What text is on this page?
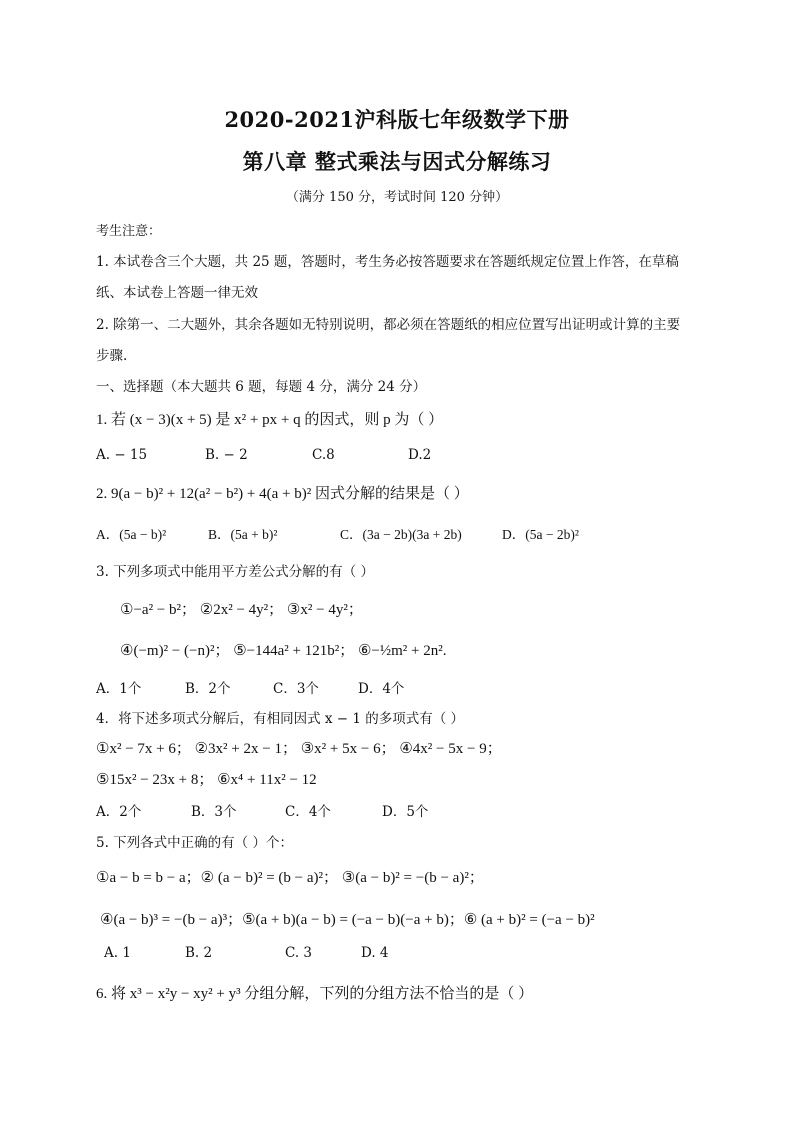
2020-2021沪科版七年级数学下册
第八章 整式乘法与因式分解练习
（满分 150 分，考试时间 120 分钟）
考生注意：
1. 本试卷含三个大题，共 25 题，答题时，考生务必按答题要求在答题纸规定位置上作答，在草稿
纸、本试卷上答题一律无效
2. 除第一、二大题外，其余各题如无特别说明，都必须在答题纸的相应位置写出证明或计算的主要
步骤.
一、选择题（本大题共 6 题，每题 4 分，满分 24 分）
1. 若 (x − 3)(x + 5) 是 x² + px + q 的因式，则 p 为（ ）
A. − 15	B. − 2	C.8	D.2
2. 9(a − b)² + 12(a² − b²) + 4(a + b)² 因式分解的结果是（ ）
A．(5a − b)²	B．(5a + b)²	C．(3a − 2b)(3a + 2b)	D．(5a − 2b)²
3. 下列多项式中能用平方差公式分解的有（ ）
①−a² − b²； ②2x² − 4y²； ③x² − 4y²；
④(−m)² − (−n)²； ⑤−144a² + 121b²； ⑥−½m² + 2n².
A．1个	B．2个	C．3个	D．4个
4．将下述多项式分解后，有相同因式 x − 1 的多项式有（ ）
①x² − 7x + 6； ②3x² + 2x − 1； ③x² + 5x − 6； ④4x² − 5x − 9；
⑤15x² − 23x + 8； ⑥x⁴ + 11x² − 12
A．2个	B．3个	C．4个	D．5个
5. 下列各式中正确的有（ ）个：
①a − b = b − a；② (a − b)² = (b − a)²； ③(a − b)² = −(b − a)²；
④(a − b)³ = −(b − a)³；⑤(a + b)(a − b) = (−a − b)(−a + b)；⑥ (a + b)² = (−a − b)²
A. 1	B. 2	C. 3	D. 4
6. 将 x³ − x²y − xy² + y³ 分组分解，下列的分组方法不恰当的是（ ）
